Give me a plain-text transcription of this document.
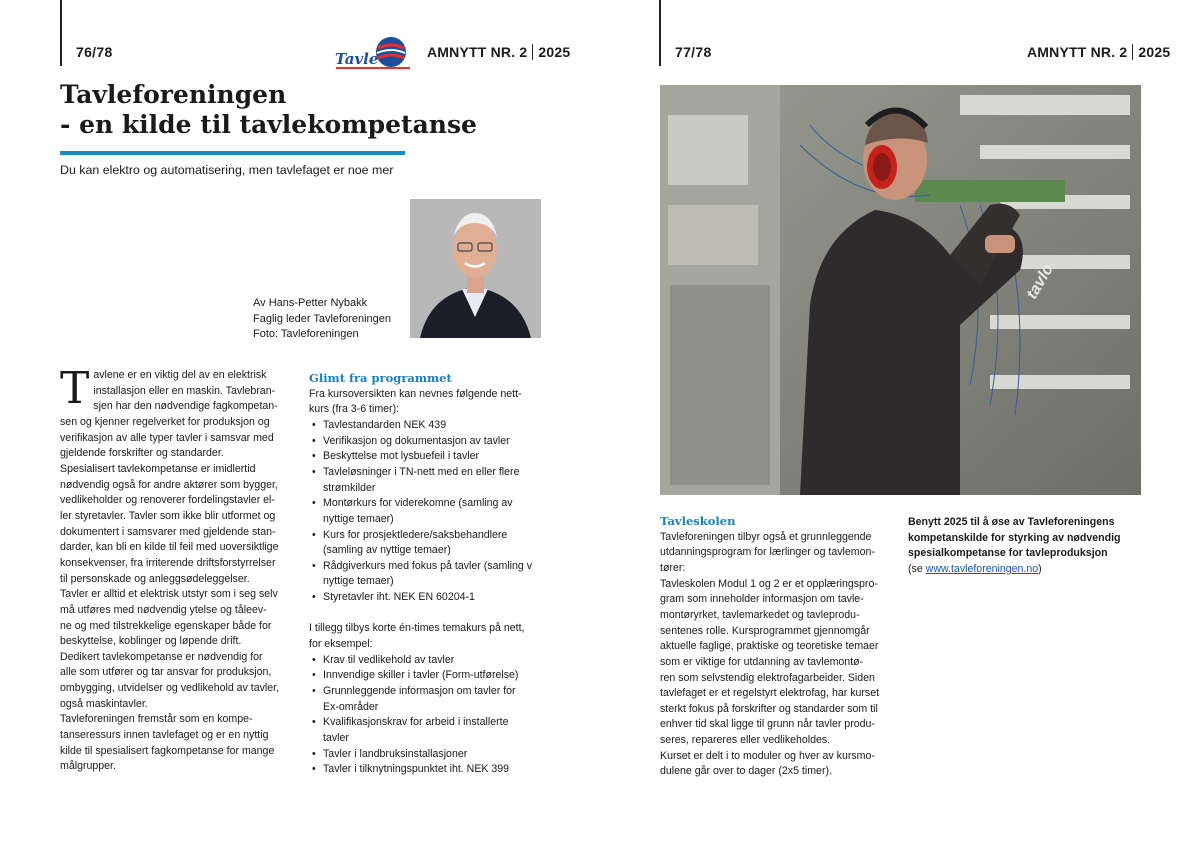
76/78	Tavle	AMNYTT NR. 2 2025
Tavleforeningen
- en kilde til tavlekompetanse
Du kan elektro og automatisering, men tavlefaget er noe mer
Av Hans-Petter Nybakk
Faglig leder Tavleforeningen
Foto: Tavleforeningen
T avlene er en viktig del av en elektrisk

installasjon eller en maskin. Tavlebran-

sjen har den nødvendige fagkompetan-

sen og kjenner regelverket for produksjon og

verifikasjon av alle typer tavler i samsvar med

gjeldende forskrifter og standarder.

Spesialisert tavlekompetanse er imidlertid

nødvendig også for andre aktører som bygger,

vedlikeholder og renoverer fordelingstavler el-

ler styretavler. Tavler som ikke blir utformet og

dokumentert i samsvarer med gjeldende stan-

darder, kan bli en kilde til feil med uoversiktlige

konsekvenser, fra irriterende driftsforstyrrelser

til personskade og anleggsødeleggelser.

Tavler er alltid et elektrisk utstyr som i seg selv

må utføres med nødvendig ytelse og tåleev-

ne og med tilstrekkelige egenskaper både for

beskyttelse, koblinger og løpende drift.

Dedikert tavlekompetanse er nødvendig for

alle som utfører og tar ansvar for produksjon,

ombygging, utvidelser og vedlikehold av tavler,

også maskintavler.

Tavleforeningen fremstår som en kompe-

tanseressurs innen tavlefaget og er en nyttig

kilde til spesialisert fagkompetanse for mange

målgrupper.

Glimt fra programmet

Fra kursoversikten kan nevnes følgende nett-

kurs (fra 3-6 timer):

• Tavlestandarden NEK 439
• Verifikasjon og dokumentasjon av tavler
• Beskyttelse mot lysbuefeil i tavler
• Tavleløsninger i TN-nett med en eller flere
strømkilder
• Montørkurs for viderekomne (samling av
nyttige temaer)
• Kurs for prosjektledere/saksbehandlere
(samling av nyttige temaer)
• Rådgiverkurs med fokus på tavler (samling v
nyttige temaer)
• Styretavler iht. NEK EN 60204-1

I tillegg tilbys korte én-times temakurs på nett,

for eksempel:

• Krav til vedlikehold av tavler
• Innvendige skiller i tavler (Form-utførelse)
• Grunnleggende informasjon om tavler for
Ex-områder
• Kvalifikasjonskrav for arbeid i installerte
tavler
• Tavler i landbruksinstallasjoner
• Tavler i tilknytningspunktet iht. NEK 399
77/78	AMNYTT NR. 2 2025
tavlo
Tavleskolen

Tavleforeningen tilbyr også et grunnleggende

utdanningsprogram for lærlinger og tavlemon-

tører:

Tavleskolen Modul 1 og 2 er et opplæringspro-

gram som inneholder informasjon om tavle-

montøryrket, tavlemarkedet og tavleprodu-

sentenes rolle. Kursprogrammet gjennomgår

aktuelle faglige, praktiske og teoretiske temaer

som er viktige for utdanning av tavlemontø-

ren som selvstendig elektrofagarbeider. Siden

tavlefaget er et regelstyrt elektrofag, har kurset

sterkt fokus på forskrifter og standarder som til

enhver tid skal ligge til grunn når tavler produ-

seres, repareres eller vedlikeholdes.

Kurset er delt i to moduler og hver av kursmo-

dulene går over to dager (2x5 timer).

Benytt 2025 til å øse av Tavleforeningens

kompetanskilde for styrking av nødvendig

spesialkompetanse for tavleproduksjon

(se www.tavleforeningen.no)
